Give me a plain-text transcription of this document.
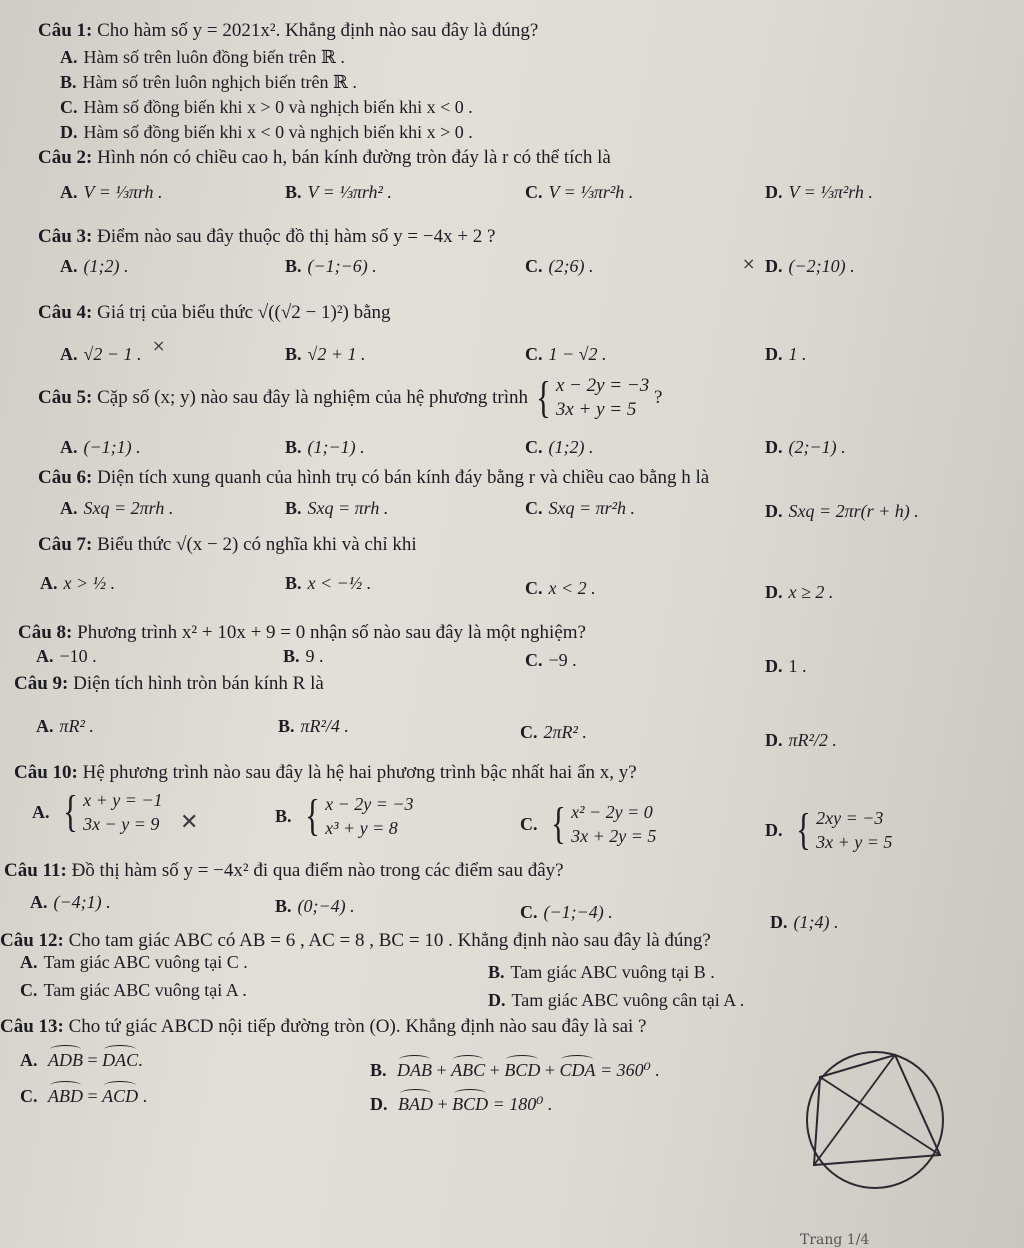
Câu 1: Cho hàm số y = 2021x². Khẳng định nào sau đây là đúng?
A. Hàm số trên luôn đồng biến trên ℝ .
B. Hàm số trên luôn nghịch biến trên ℝ .
C. Hàm số đồng biến khi x > 0 và nghịch biến khi x < 0 .
D. Hàm số đồng biến khi x < 0 và nghịch biến khi x > 0 .
Câu 2: Hình nón có chiều cao h, bán kính đường tròn đáy là r có thể tích là
A. V = ⅓πrh .	B. V = ⅓πrh² .	C. V = ⅓πr²h .	D. V = ⅓π²rh .
Câu 3: Điểm nào sau đây thuộc đồ thị hàm số y = −4x + 2 ?
A. (1;2) .	B. (−1;−6) .	C. (2;6) .	D. (−2;10) .
Câu 4: Giá trị của biểu thức √((√2 − 1)²) bằng
A. √2 − 1 .	B. √2 + 1 .	C. 1 − √2 .	D. 1 .
Câu 5: Cặp số (x; y) nào sau đây là nghiệm của hệ phương trình { x − 2y = −3
3x + y = 5
?
A. (−1;1) .	B. (1;−1) .	C. (1;2) .	D. (2;−1) .
Câu 6: Diện tích xung quanh của hình trụ có bán kính đáy bằng r và chiều cao bằng h là
A. Sxq = 2πrh .	B. Sxq = πrh .	C. Sxq = πr²h .	D. Sxq = 2πr(r + h) .
Câu 7: Biểu thức √(x − 2) có nghĩa khi và chỉ khi
A. x > ½ .	B. x < −½ .	C. x < 2 .	D. x ≥ 2 .
Câu 8: Phương trình x² + 10x + 9 = 0 nhận số nào sau đây là một nghiệm?
A. −10 .	B. 9 .	C. −9 .	D. 1 .
Câu 9: Diện tích hình tròn bán kính R là
A. πR² .	B. πR²/4 .	C. 2πR² .	D. πR²/2 .
Câu 10: Hệ phương trình nào sau đây là hệ hai phương trình bậc nhất hai ẩn x, y?
A. { x + y = −1
3x − y = 9	B. { x − 2y = −3
x³ + y = 8	C. { x² − 2y = 0
3x + 2y = 5	D. { 2xy = −3
3x + y = 5
Câu 11: Đồ thị hàm số y = −4x² đi qua điểm nào trong các điểm sau đây?
A. (−4;1) .	B. (0;−4) .	C. (−1;−4) .	D. (1;4) .
Câu 12: Cho tam giác ABC có AB = 6 , AC = 8 , BC = 10 . Khẳng định nào sau đây là đúng?
A. Tam giác ABC vuông tại C .	B. Tam giác ABC vuông tại B .
C. Tam giác ABC vuông tại A .	D. Tam giác ABC vuông cân tại A .
Câu 13: Cho tứ giác ABCD nội tiếp đường tròn (O). Khẳng định nào sau đây là sai ?
A. ADB = DAC.	B. DAB + ABC + BCD + CDA = 360⁰ .
C. ABD = ACD .	D. BAD + BCD = 180⁰ .
⨯
×
✕
Trang 1/4
